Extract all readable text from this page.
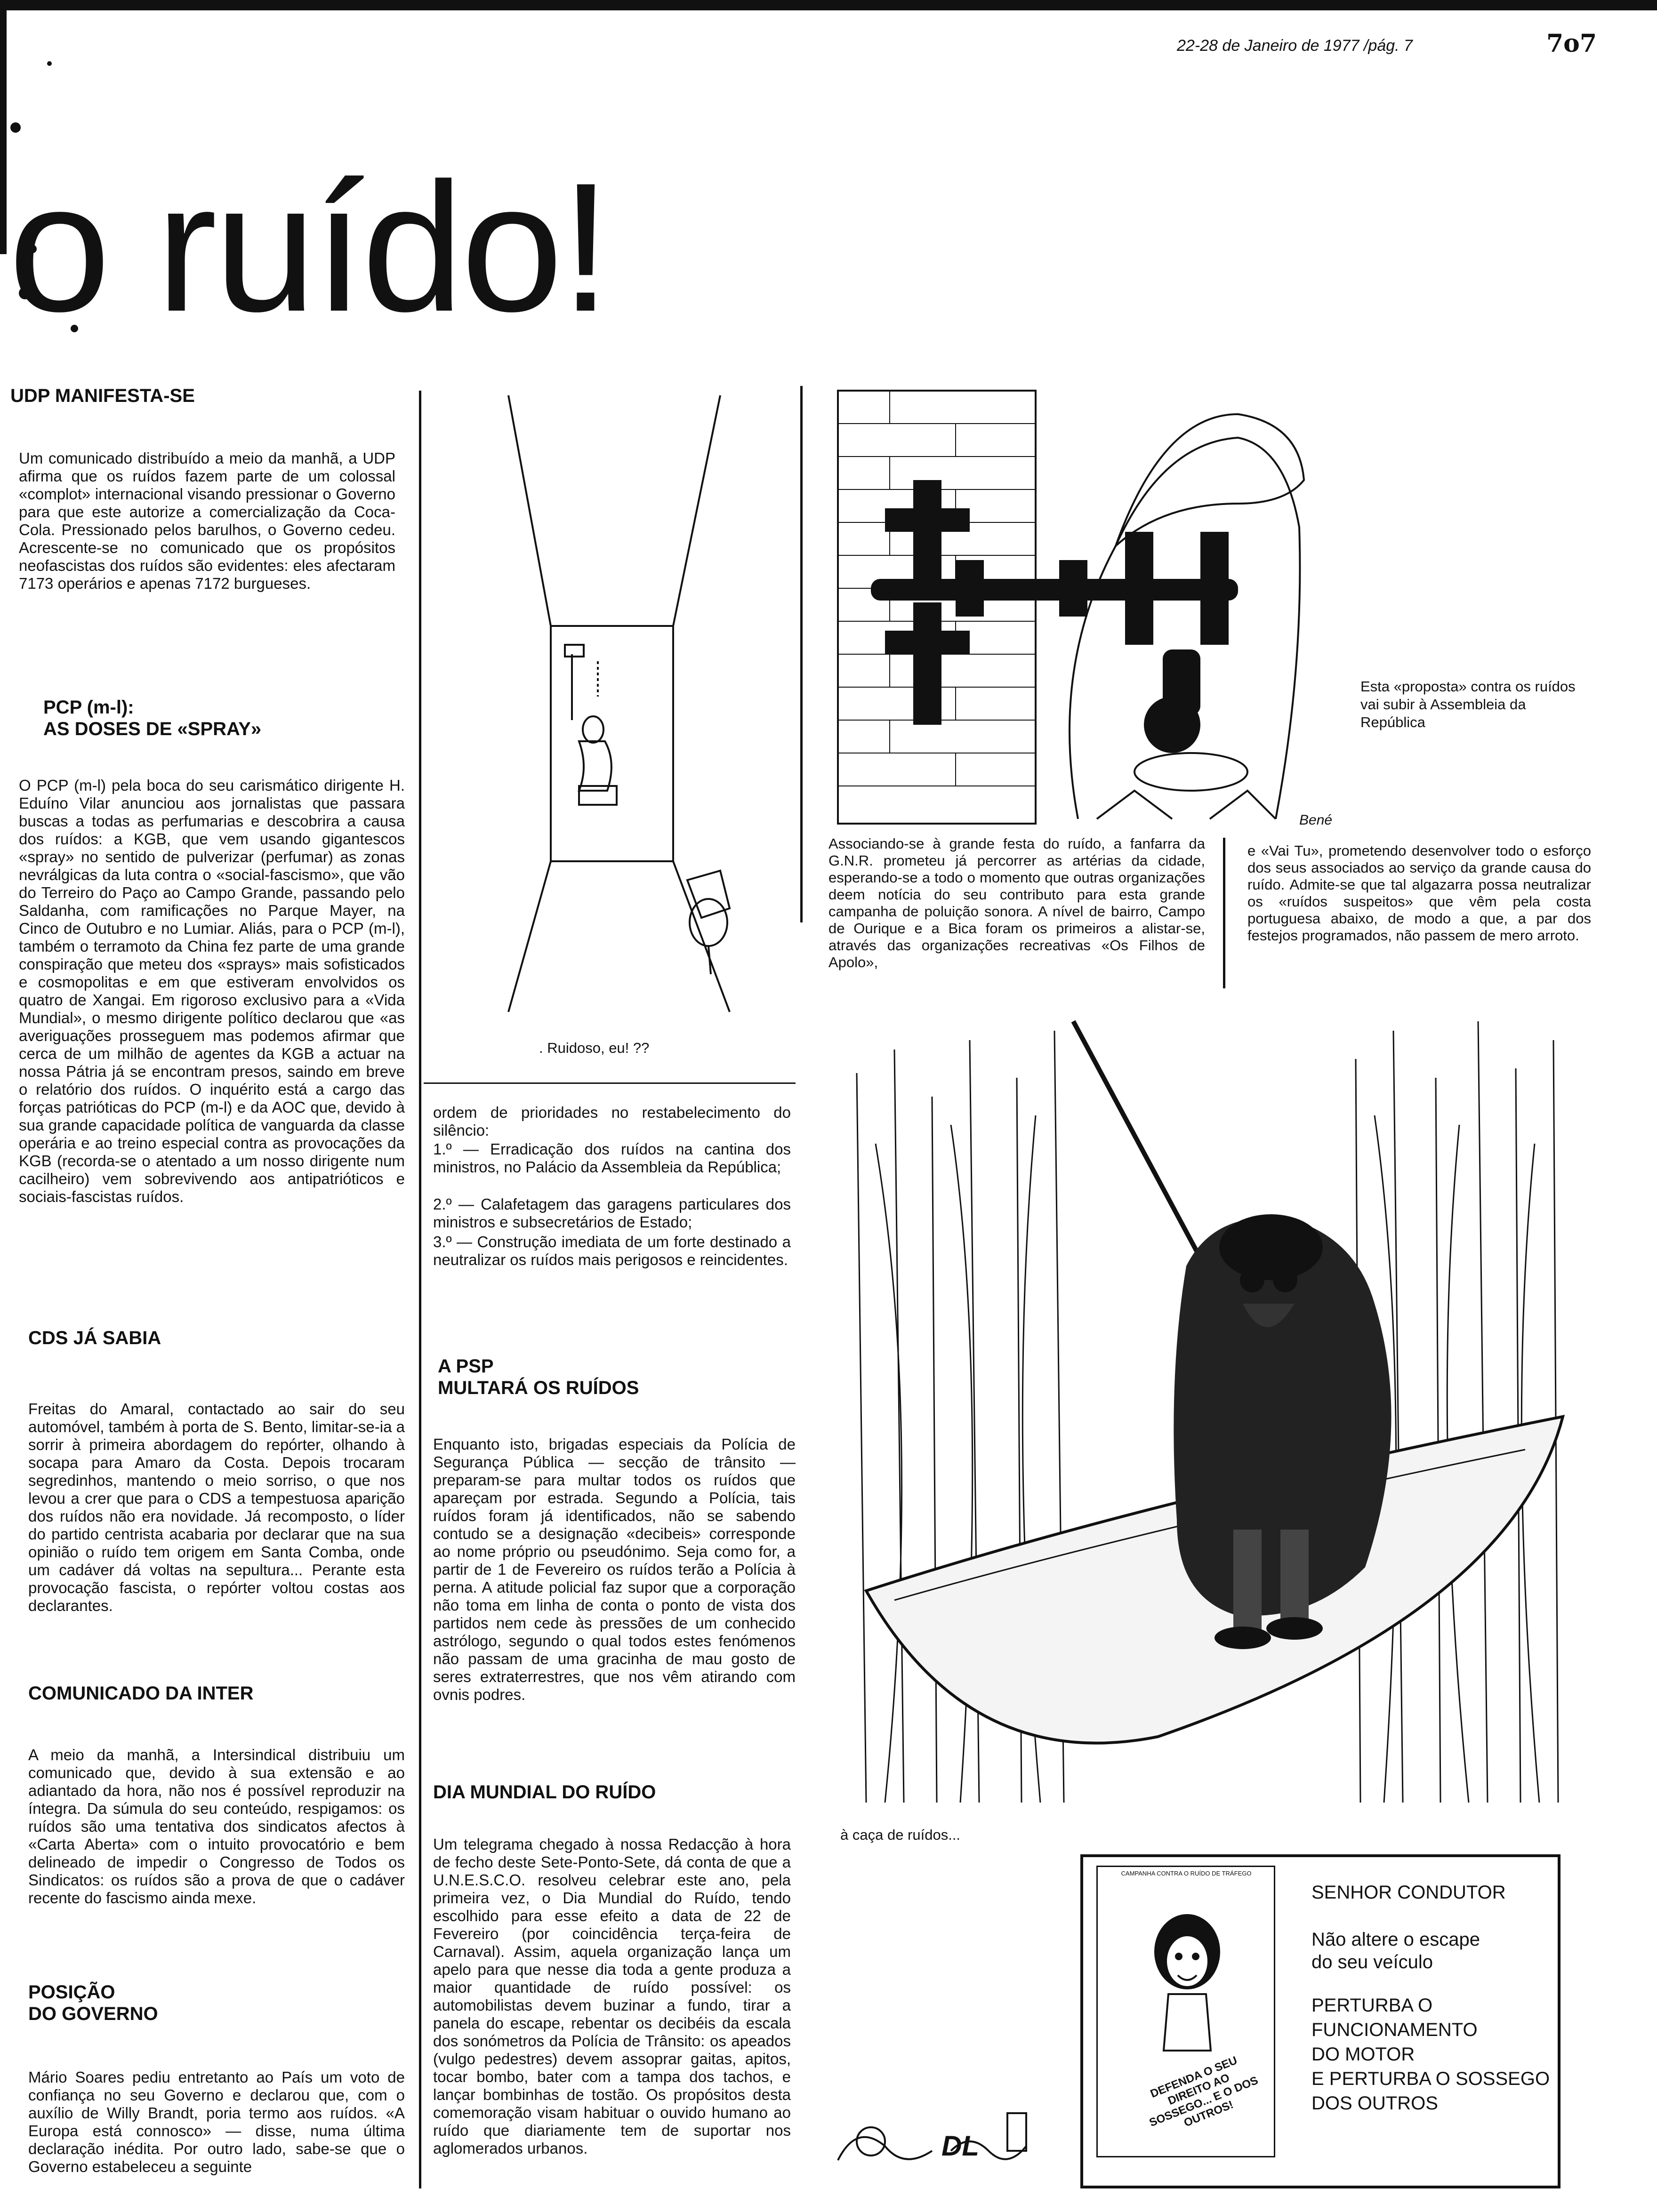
22-28 de Janeiro de 1977 /pág. 7	7o7
o ruído!
UDP MANIFESTA-SE
Um comunicado distribuído a meio da manhã, a UDP afirma que os ruídos fazem parte de um colossal «complot» internacional visando pressionar o Governo para que este autorize a comercialização da Coca-Cola. Pressionado pelos barulhos, o Governo cedeu. Acrescente-se no comunicado que os propósitos neofascistas dos ruídos são evidentes: eles afectaram 7173 operários e apenas 7172 burgueses.
PCP (m-l):
AS DOSES DE «SPRAY»
O PCP (m-l) pela boca do seu carismático dirigente H. Eduíno Vilar anunciou aos jornalistas que passara buscas a todas as perfumarias e descobrira a causa dos ruídos: a KGB, que vem usando gigantescos «spray» no sentido de pulverizar (perfumar) as zonas nevrálgicas da luta contra o «social-fascismo», que vão do Terreiro do Paço ao Campo Grande, passando pelo Saldanha, com ramificações no Parque Mayer, na Cinco de Outubro e no Lumiar. Aliás, para o PCP (m-l), também o terramoto da China fez parte de uma grande conspiração que meteu dos «sprays» mais sofisticados e cosmopolitas e em que estiveram envolvidos os quatro de Xangai. Em rigoroso exclusivo para a «Vida Mundial», o mesmo dirigente político declarou que «as averiguações prosseguem mas podemos afirmar que cerca de um milhão de agentes da KGB a actuar na nossa Pátria já se encontram presos, saindo em breve o relatório dos ruídos. O inquérito está a cargo das forças patrióticas do PCP (m-l) e da AOC que, devido à sua grande capacidade política de vanguarda da classe operária e ao treino especial contra as provocações da KGB (recorda-se o atentado a um nosso dirigente num cacilheiro) vem sobrevivendo aos antipatrióticos e sociais-fascistas ruídos.
CDS JÁ SABIA
Freitas do Amaral, contactado ao sair do seu automóvel, também à porta de S. Bento, limitar-se-ia a sorrir à primeira abordagem do repórter, olhando à socapa para Amaro da Costa. Depois trocaram segredinhos, mantendo o meio sorriso, o que nos levou a crer que para o CDS a tempestuosa aparição dos ruídos não era novidade. Já recomposto, o líder do partido centrista acabaria por declarar que na sua opinião o ruído tem origem em Santa Comba, onde um cadáver dá voltas na sepultura... Perante esta provocação fascista, o repórter voltou costas aos declarantes.
COMUNICADO DA INTER
A meio da manhã, a Intersindical distribuiu um comunicado que, devido à sua extensão e ao adiantado da hora, não nos é possível reproduzir na íntegra. Da súmula do seu conteúdo, respigamos: os ruídos são uma tentativa dos sindicatos afectos à «Carta Aberta» com o intuito provocatório e bem delineado de impedir o Congresso de Todos os Sindicatos: os ruídos são a prova de que o cadáver recente do fascismo ainda mexe.
POSIÇÃO
DO GOVERNO
Mário Soares pediu entretanto ao País um voto de confiança no seu Governo e declarou que, com o auxílio de Willy Brandt, poria termo aos ruídos. «A Europa está connosco» — disse, numa última declaração inédita. Por outro lado, sabe-se que o Governo estabeleceu a seguinte
. Ruidoso, eu! ??
ordem de prioridades no restabelecimento do silêncio:
1.º — Erradicação dos ruídos na cantina dos ministros, no Palácio da Assembleia da República;
2.º — Calafetagem das garagens particulares dos ministros e subsecretários de Estado;
3.º — Construção imediata de um forte destinado a neutralizar os ruídos mais perigosos e reincidentes.
A PSP
MULTARÁ OS RUÍDOS
Enquanto isto, brigadas especiais da Polícia de Segurança Pública — secção de trânsito — preparam-se para multar todos os ruídos que apareçam por estrada. Segundo a Polícia, tais ruídos foram já identificados, não se sabendo contudo se a designação «decibeis» corresponde ao nome próprio ou pseudónimo. Seja como for, a partir de 1 de Fevereiro os ruídos terão a Polícia à perna. A atitude policial faz supor que a corporação não toma em linha de conta o ponto de vista dos partidos nem cede às pressões de um conhecido astrólogo, segundo o qual todos estes fenómenos não passam de uma gracinha de mau gosto de seres extraterrestres, que nos vêm atirando com ovnis podres.
DIA MUNDIAL DO RUÍDO
Um telegrama chegado à nossa Redacção à hora de fecho deste Sete-Ponto-Sete, dá conta de que a U.N.E.S.C.O. resolveu celebrar este ano, pela primeira vez, o Dia Mundial do Ruído, tendo escolhido para esse efeito a data de 22 de Fevereiro (por coincidência terça-feira de Carnaval). Assim, aquela organização lança um apelo para que nesse dia toda a gente produza a maior quantidade de ruído possível: os automobilistas devem buzinar a fundo, tirar a panela do escape, rebentar os decibéis da escala dos sonómetros da Polícia de Trânsito: os apeados (vulgo pedestres) devem assoprar gaitas, apitos, tocar bombo, bater com a tampa dos tachos, e lançar bombinhas de tostão. Os propósitos desta comemoração visam habituar o ouvido humano ao ruído que diariamente tem de suportar nos aglomerados urbanos.
Bené
Esta «proposta» contra os ruídos vai subir à Assembleia da República
Associando-se à grande festa do ruído, a fanfarra da G.N.R. prometeu já percorrer as artérias da cidade, esperando-se a todo o momento que outras organizações deem notícia do seu contributo para esta grande campanha de poluição sonora. A nível de bairro, Campo de Ourique e a Bica foram os primeiros a alistar-se, através das organizações recreativas «Os Filhos de Apolo»,
e «Vai Tu», prometendo desenvolver todo o esforço dos seus associados ao serviço da grande causa do ruído. Admite-se que tal algazarra possa neutralizar os «ruídos suspeitos» que vêm pela costa portuguesa abaixo, de modo a que, a par dos festejos programados, não passem de mero arroto.
à caça de ruídos...
CAMPANHA CONTRA O RUÍDO DE TRÁFEGO
DEFENDA O SEU DIREITO AO SOSSEGO... E O DOS OUTROS!
SENHOR CONDUTOR
Não altere o escape
do seu veículo
PERTURBA O
FUNCIONAMENTO
DO MOTOR
E PERTURBA O SOSSEGO
DOS OUTROS
DL
